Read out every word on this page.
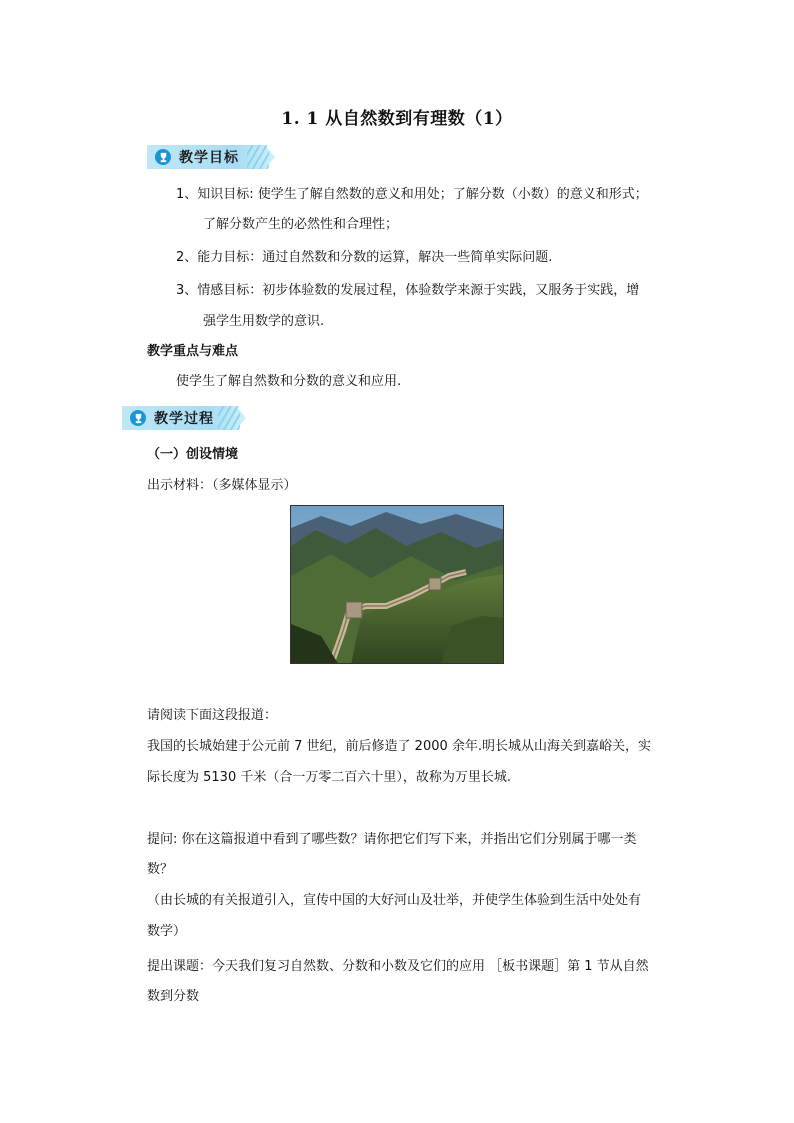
1. 1 从自然数到有理数（1）
教学目标
1、知识目标: 使学生了解自然数的意义和用处；了解分数（小数）的意义和形式；
了解分数产生的必然性和合理性；
2、能力目标：通过自然数和分数的运算，解决一些简单实际问题.
3、情感目标：初步体验数的发展过程，体验数学来源于实践，又服务于实践，增
强学生用数学的意识.
教学重点与难点
使学生了解自然数和分数的意义和应用.
教学过程
（一）创设情境
出示材料：（多媒体显示）
请阅读下面这段报道：
我国的长城始建于公元前 7 世纪，前后修造了 2000 余年.明长城从山海关到嘉峪关，实
际长度为 5130 千米（合一万零二百六十里），故称为万里长城.
提问: 你在这篇报道中看到了哪些数？请你把它们写下来，并指出它们分别属于哪一类
数？
（由长城的有关报道引入，宣传中国的大好河山及壮举，并使学生体验到生活中处处有
数学）
提出课题：今天我们复习自然数、分数和小数及它们的应用 ［板书课题］第 1 节从自然
数到分数
